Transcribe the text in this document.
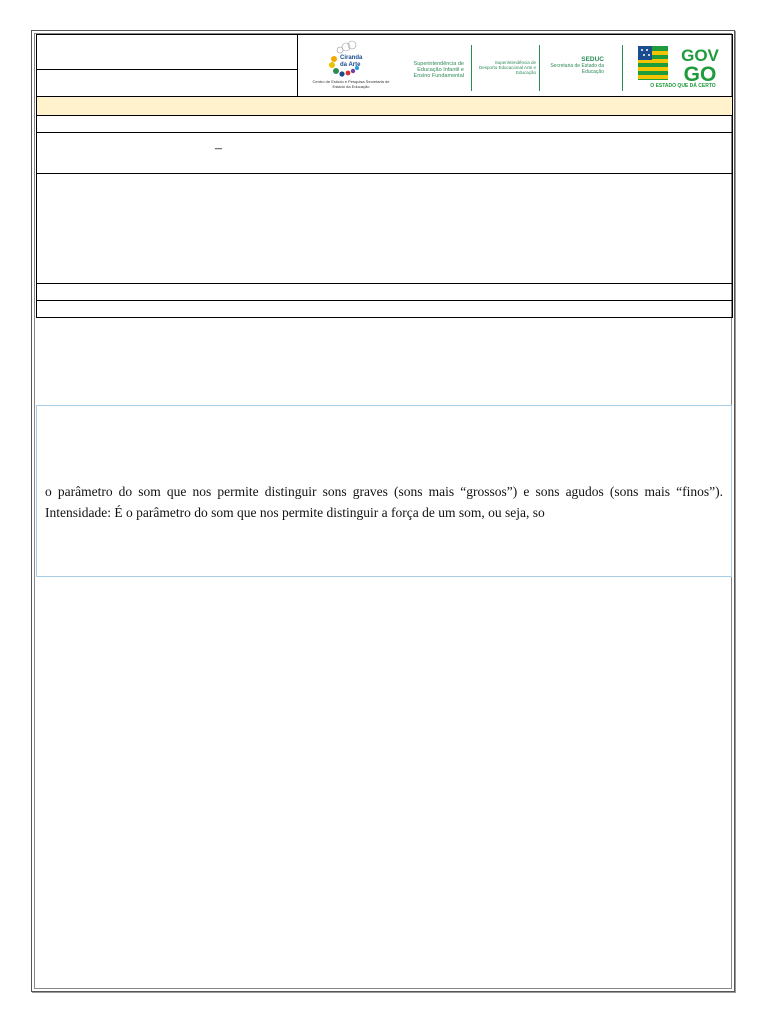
Ciranda
da Arte
Centro de Estudo e Pesquisa Secretaria de Estado da Educação
Superintendência de Educação Infantil e Ensino Fundamental
Superintendência de Desporto Educacional Arte e Educação
SEDUC
Secretaria de Estado da Educação
GOV
GO
O ESTADO QUE DÁ CERTO

–

o parâmetro do som que nos permite distinguir sons graves (sons mais “grossos”) e sons agudos (sons mais “finos”). Intensidade: É o parâmetro do som que nos permite distinguir a força de um som, ou seja, so
